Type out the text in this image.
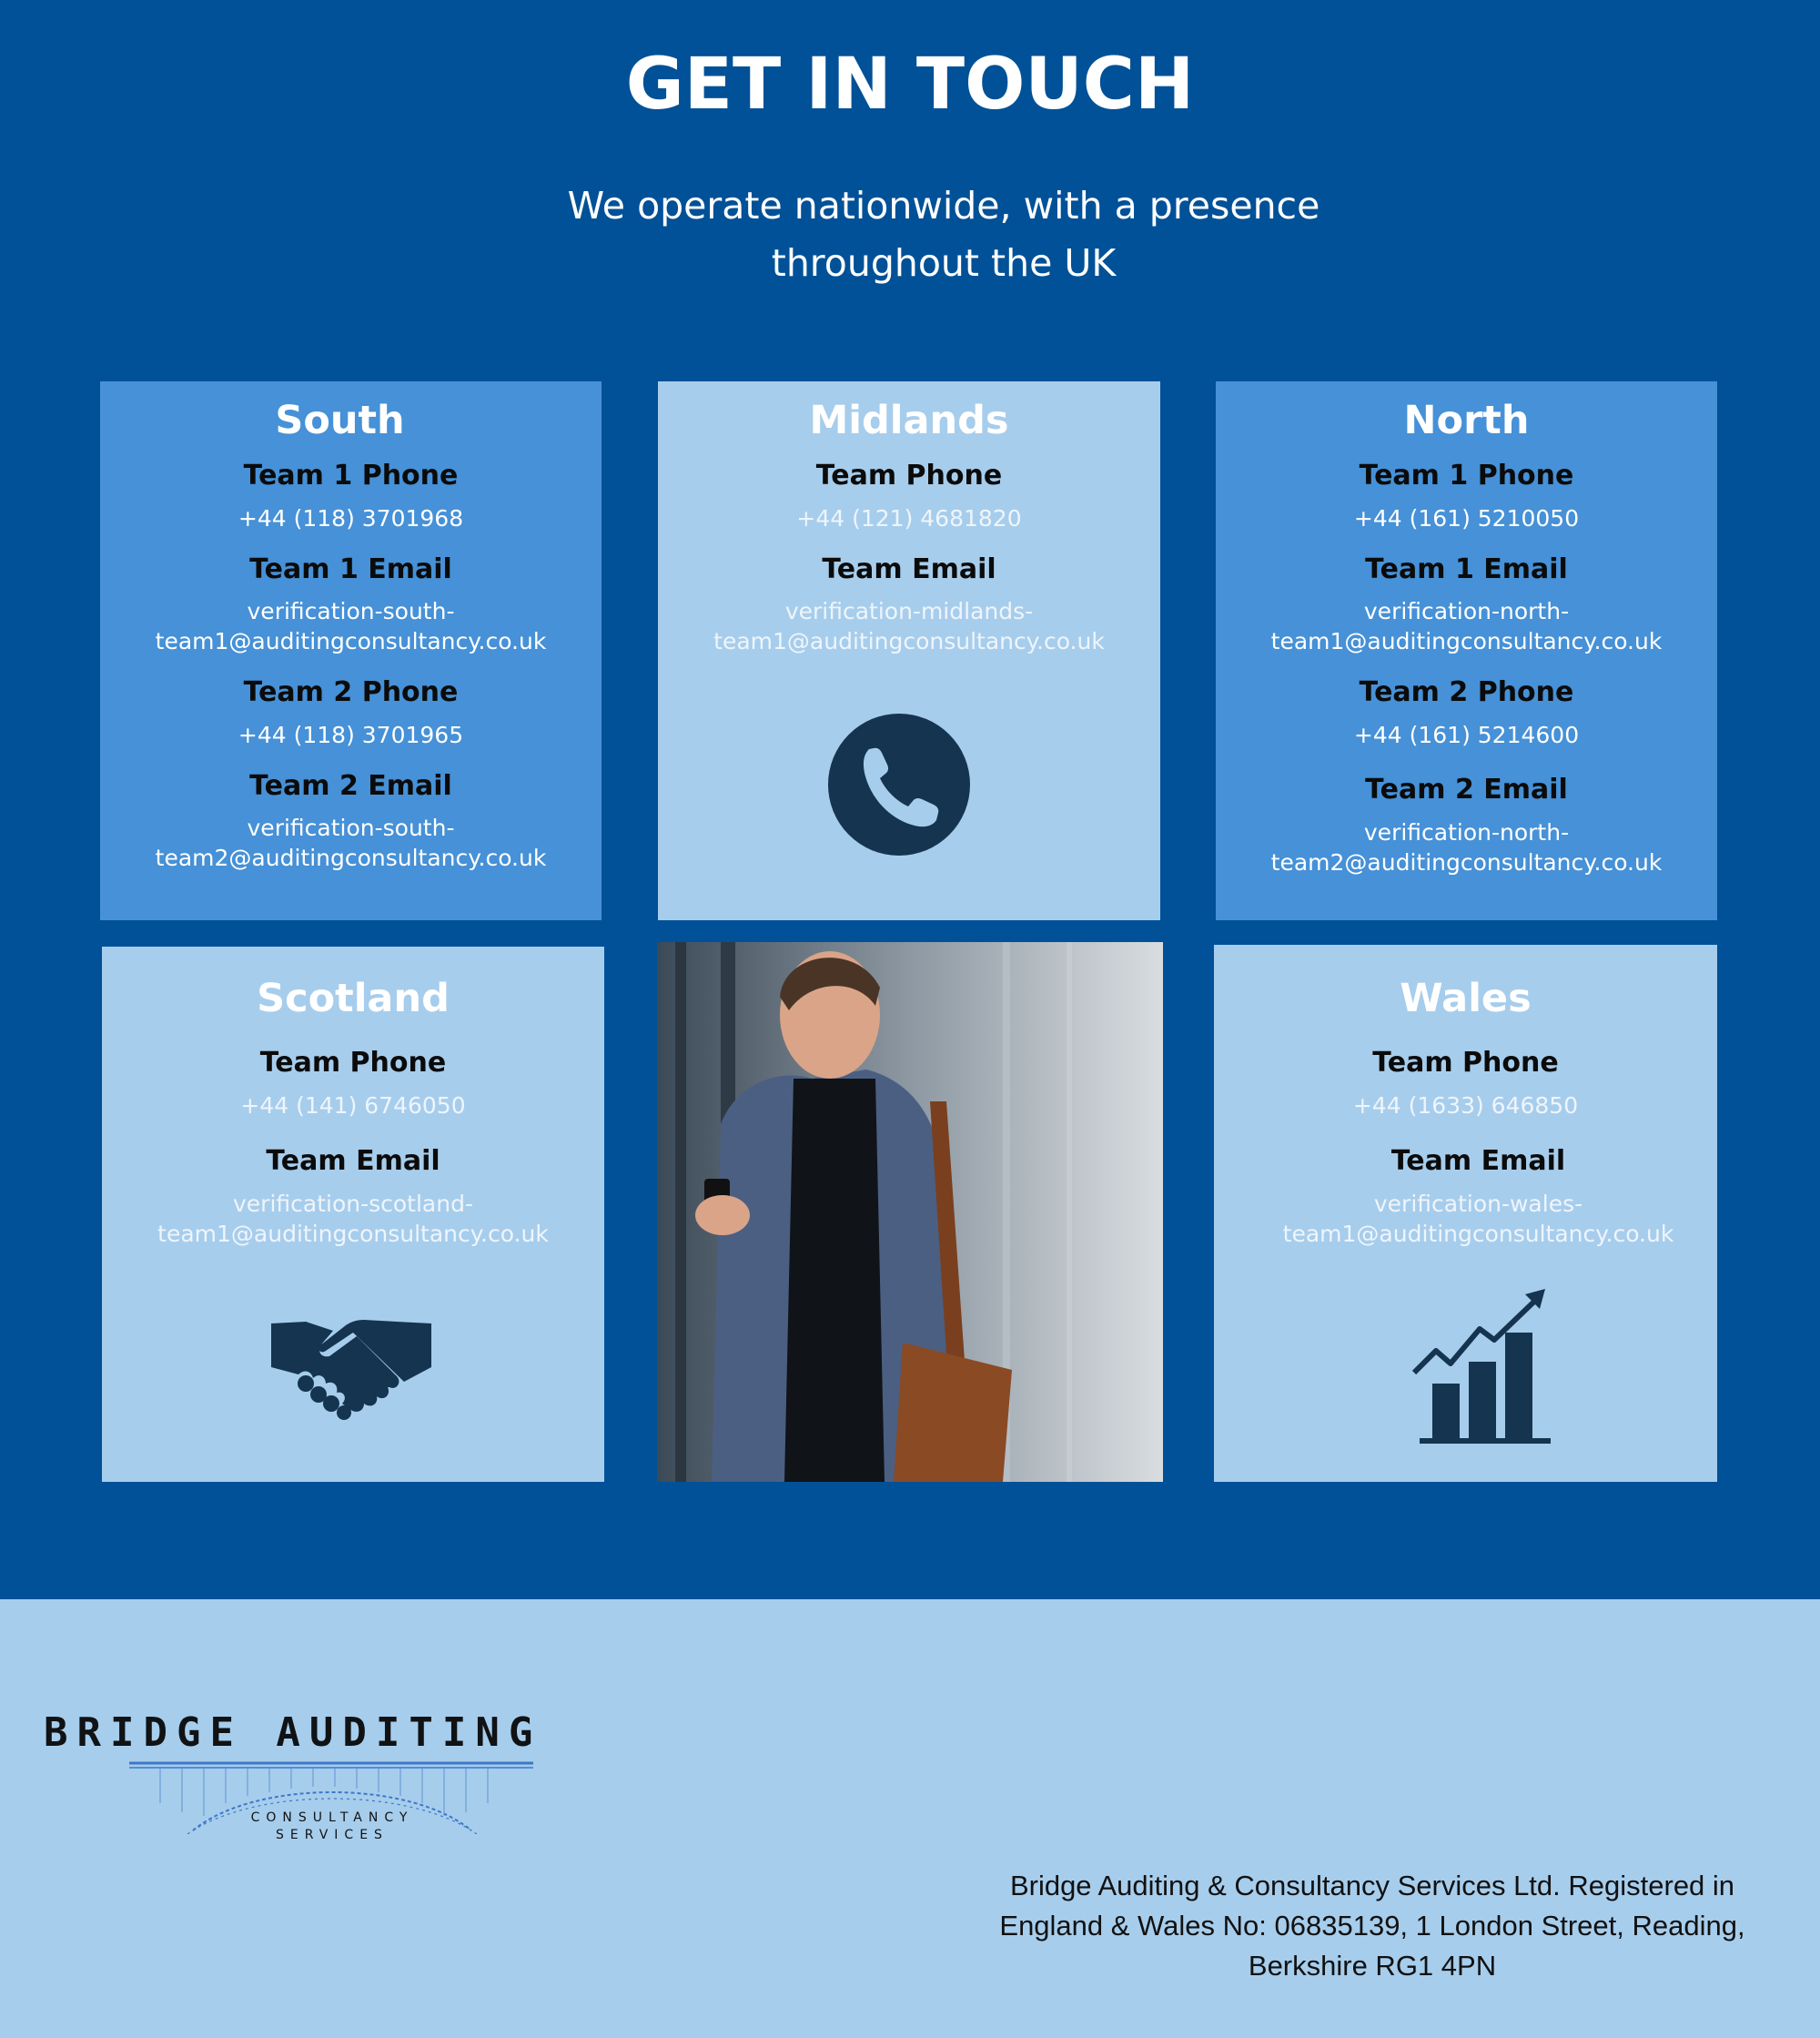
GET IN TOUCH
We operate nationwide, with a presence throughout the UK
South
Team 1 Phone
+44 (118) 3701968
Team 1 Email
verification-south-
team1@auditingconsultancy.co.uk
Team 2 Phone
+44 (118) 3701965
Team 2 Email
verification-south-
team2@auditingconsultancy.co.uk
Midlands
Team Phone
+44 (121) 4681820
Team Email
verification-midlands-
team1@auditingconsultancy.co.uk
North
Team 1 Phone
+44 (161) 5210050
Team 1 Email
verification-north-
team1@auditingconsultancy.co.uk
Team 2 Phone
+44 (161) 5214600
Team 2 Email
verification-north-
team2@auditingconsultancy.co.uk
Scotland
Team Phone
+44 (141) 6746050
Team Email
verification-scotland-
team1@auditingconsultancy.co.uk
Wales
Team Phone
+44 (1633) 646850
Team Email
verification-wales-
team1@auditingconsultancy.co.uk
BRIDGE AUDITING
CONSULTANCY
SERVICES
Bridge Auditing & Consultancy Services Ltd. Registered in
England & Wales No: 06835139, 1 London Street, Reading,
Berkshire RG1 4PN
